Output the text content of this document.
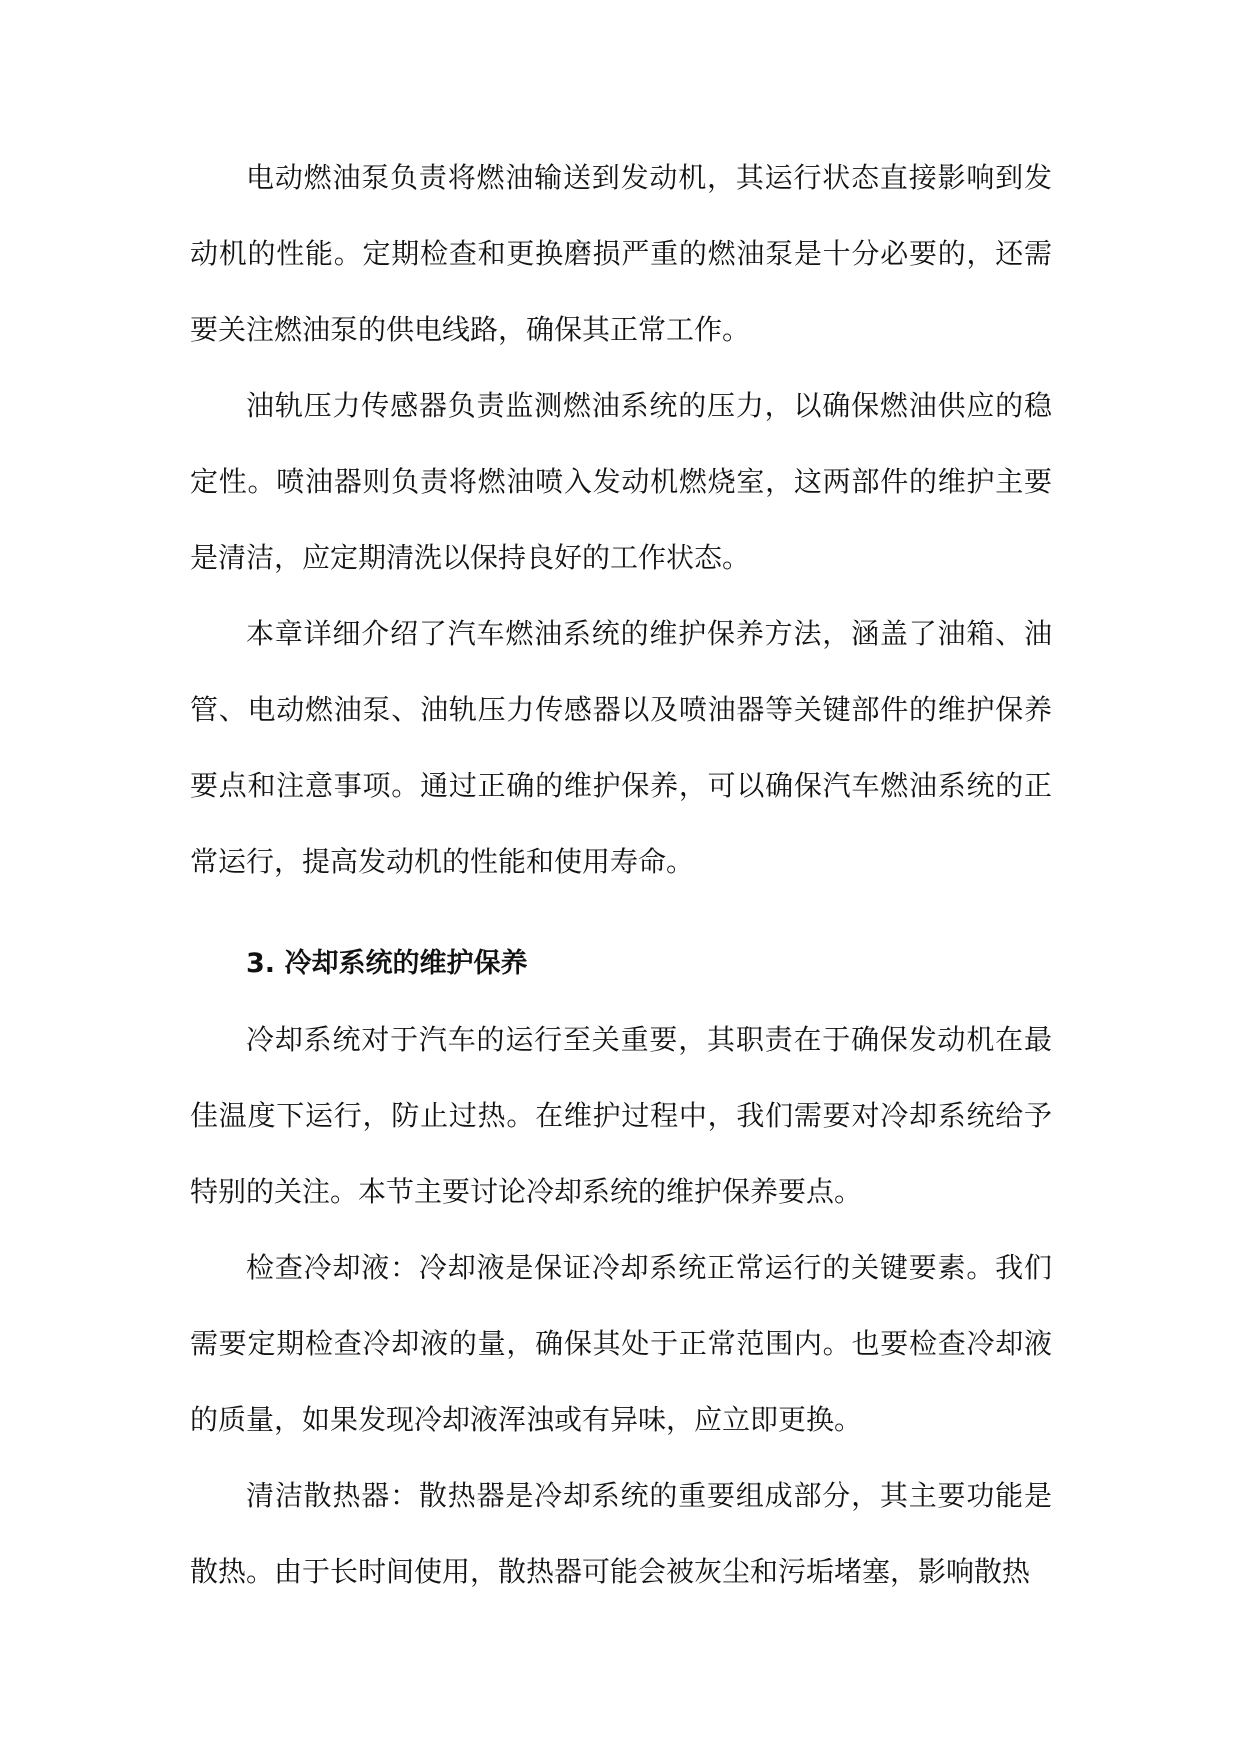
电动燃油泵负责将燃油输送到发动机，其运行状态直接影响到发动机的性能。定期检查和更换磨损严重的燃油泵是十分必要的，还需要关注燃油泵的供电线路，确保其正常工作。

油轨压力传感器负责监测燃油系统的压力，以确保燃油供应的稳定性。喷油器则负责将燃油喷入发动机燃烧室，这两部件的维护主要是清洁，应定期清洗以保持良好的工作状态。

本章详细介绍了汽车燃油系统的维护保养方法，涵盖了油箱、油管、电动燃油泵、油轨压力传感器以及喷油器等关键部件的维护保养要点和注意事项。通过正确的维护保养，可以确保汽车燃油系统的正常运行，提高发动机的性能和使用寿命。

3. 冷却系统的维护保养

冷却系统对于汽车的运行至关重要，其职责在于确保发动机在最佳温度下运行，防止过热。在维护过程中，我们需要对冷却系统给予特别的关注。本节主要讨论冷却系统的维护保养要点。

检查冷却液：冷却液是保证冷却系统正常运行的关键要素。我们需要定期检查冷却液的量，确保其处于正常范围内。也要检查冷却液的质量，如果发现冷却液浑浊或有异味，应立即更换。

清洁散热器：散热器是冷却系统的重要组成部分，其主要功能是散热。由于长时间使用，散热器可能会被灰尘和污垢堵塞，影响散热
